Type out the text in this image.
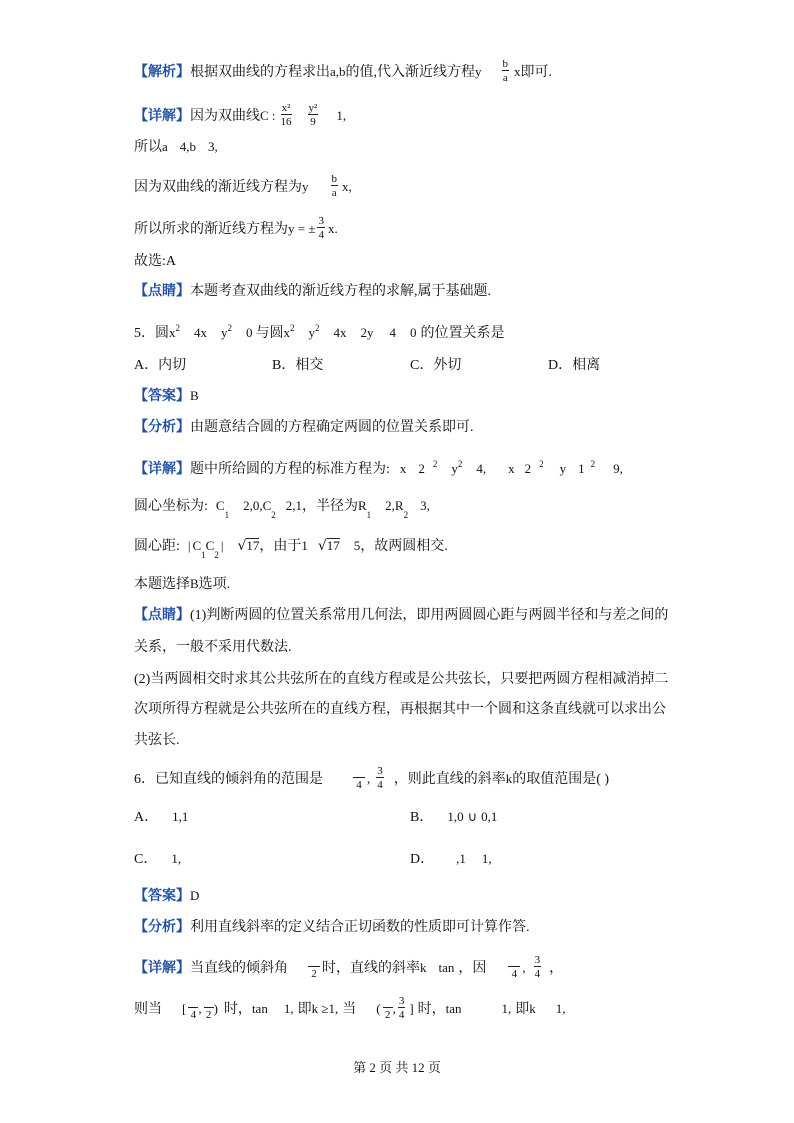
【解析】根据双曲线的方程求出a,b的值,代入渐近线方程y $\frac{b}{a}$ x即可.
【详解】因为双曲线C : $\frac{\text{x²}}{16} \frac{\text{y²}}{9} 1$,
所以a 4,b 3,
因为双曲线的渐近线方程为y $\frac{b}{a} x$,
所以所求的渐近线方程为y = ± $\frac{3}{4} x$.
故选:A
【点睛】本题考查双曲线的渐近线方程的求解,属于基础题.
5．圆$x^2$ 4x $y^2$ 0 与圆$x^2$ $y^2$ 4x 2y 4 0 的位置关系是
A．内切	B．相交	C．外切	D．相离
【答案】B
【分析】由题意结合圆的方程确定两圆的位置关系即可.
【详解】题中所给圆的方程的标准方程为: x 2 $^2$ $y^2$ 4, x 2 $^2$ y 1 $^2$ 9,
圆心坐标为: $C_12,0,C_22,1$，半径为$R_12,R_23$,
圆心距: | $C_1C_2|$ √17，由于1 √17 5，故两圆相交.
本题选择B选项.
【点睛】(1)判断两圆的位置关系常用几何法，即用两圆圆心距与两圆半径和与差之间的
关系，一般不采用代数法.
(2)当两圆相交时求其公共弦所在的直线方程或是公共弦长，只要把两圆方程相减消掉二
次项所得方程就是公共弦所在的直线方程，再根据其中一个圆和这条直线就可以求出公
共弦长.
6．已知直线的倾斜角的范围是	4 , $\frac{3}{4}$ ，则此直线的斜率k的取值范围是( )
A． 1,1	B． 1,0 ∪ 0,1
C． 1,	D． ,1 1,
【答案】D
【分析】利用直线斜率的定义结合正切函数的性质即可计算作答.
【详解】当直线的倾斜角 2 时，直线的斜率k tan ，因 4 , $\frac{3}{4}$ ，
则当 [ 4 , 2 ) 时，tan 1, 即k ≥1, 当 ( 2 , $\frac{3}{4}$ ] 时，tan	1, 即k 1,
第 2 页 共 12 页
